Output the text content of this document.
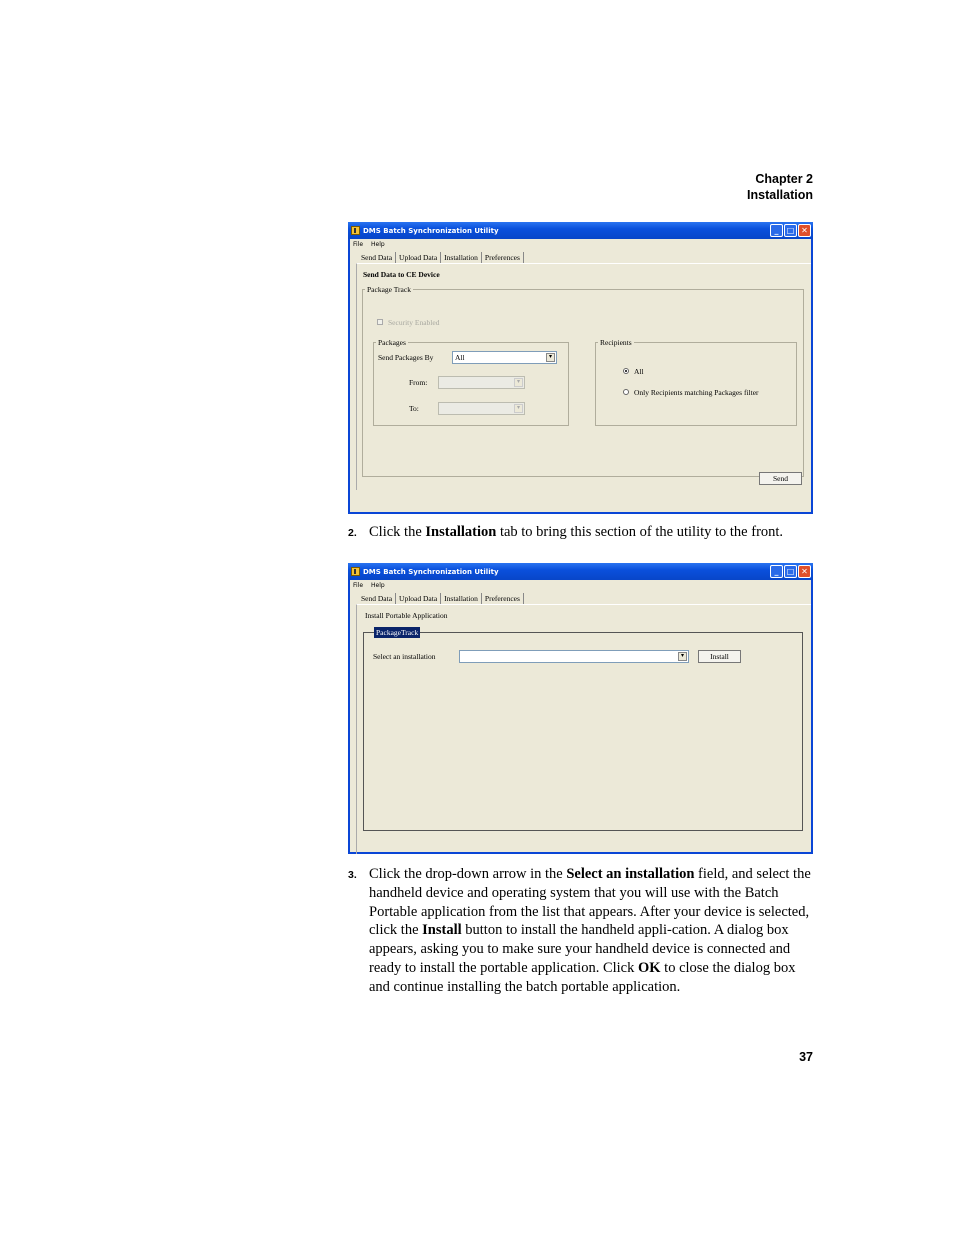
Chapter 2
Installation
DMS Batch Synchronization Utility	_	□ ✕
File Help
Send Data Upload Data Installation Preferences
Send Data to CE Device
Package Track
Security Enabled
Packages
Send Packages By	All	▾
From:	▾
To:	▾
Recipients
All
Only Recipients matching Packages filter
Send
2. Click the Installation tab to bring this section of the utility to the front.
DMS Batch Synchronization Utility	_	□ ✕
File Help
Send Data Upload Data Installation Preferences
Install Portable Application
PackageTrack
Select an installation	▾	Install
3. Click the drop-down arrow in the Select an installation field, and select the handheld device and operating system that you will use with the Batch Portable application from the list that appears. After your device is selected, click the Install button to install the handheld appli-cation. A dialog box appears, asking you to make sure your handheld device is connected and ready to install the portable application. Click OK to close the dialog box and continue installing the batch portable application.
37
